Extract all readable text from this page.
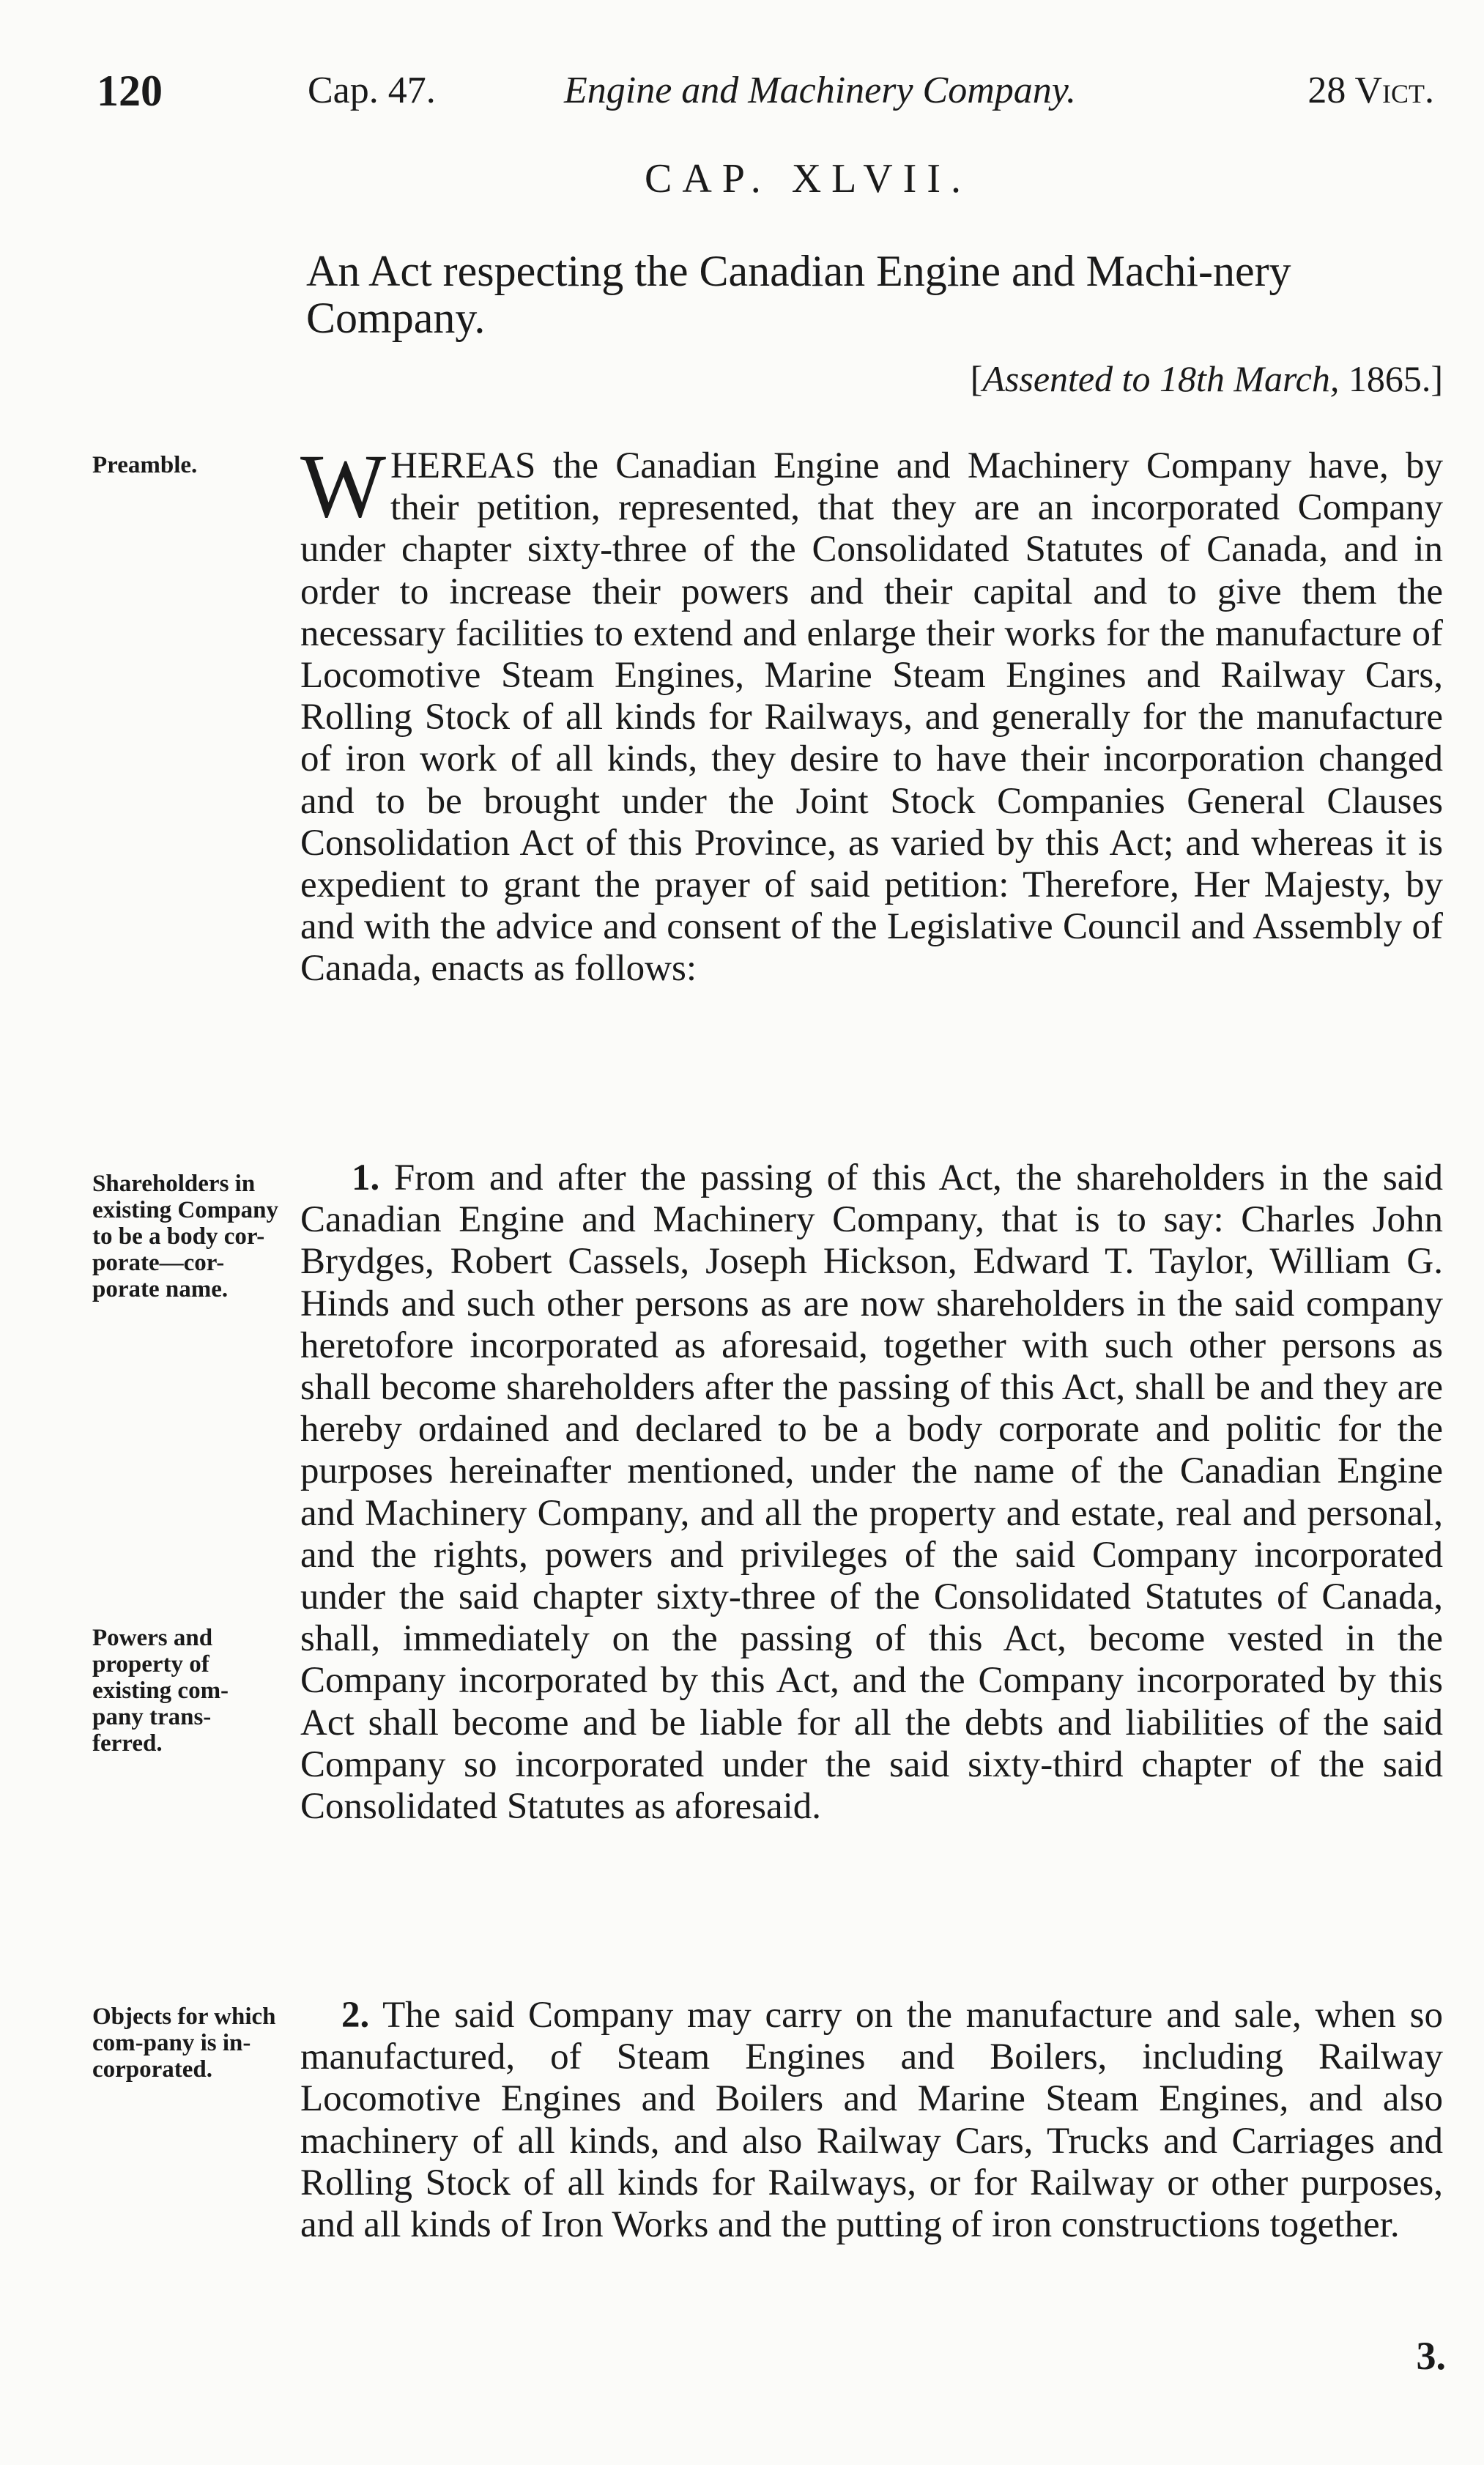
120	Cap. 47.	Engine and Machinery Company.	28 Vict.
CAP. XLVII.
An Act respecting the Canadian Engine and Machi-nery Company.
[Assented to 18th March, 1865.]
Preamble.
Shareholders in existing Company to be a body cor-porate—cor-porate name.
Powers and property of existing com-pany trans-ferred.
Objects for which com-pany is in-corporated.

WHEREAS the Canadian Engine and Machinery Company have, by their petition, represented, that they are an incorporated Company under chapter sixty-three of the Consolidated Statutes of Canada, and in order to increase their powers and their capital and to give them the necessary facilities to extend and enlarge their works for the manufacture of Locomotive Steam Engines, Marine Steam Engines and Railway Cars, Rolling Stock of all kinds for Railways, and generally for the manufacture of iron work of all kinds, they desire to have their incorporation changed and to be brought under the Joint Stock Companies General Clauses Consolidation Act of this Province, as varied by this Act; and whereas it is expedient to grant the prayer of said petition: Therefore, Her Majesty, by and with the advice and consent of the Legislative Council and Assembly of Canada, enacts as follows:

1. From and after the passing of this Act, the shareholders in the said Canadian Engine and Machinery Company, that is to say: Charles John Brydges, Robert Cassels, Joseph Hickson, Edward T. Taylor, William G. Hinds and such other persons as are now shareholders in the said company heretofore incorporated as aforesaid, together with such other persons as shall become shareholders after the passing of this Act, shall be and they are hereby ordained and declared to be a body corporate and politic for the purposes hereinafter mentioned, under the name of the Canadian Engine and Machinery Company, and all the property and estate, real and personal, and the rights, powers and privileges of the said Company incorporated under the said chapter sixty-three of the Consolidated Statutes of Canada, shall, immediately on the passing of this Act, become vested in the Company incorporated by this Act, and the Company incorporated by this Act shall become and be liable for all the debts and liabilities of the said Company so incorporated under the said sixty-third chapter of the said Consolidated Statutes as aforesaid.

2. The said Company may carry on the manufacture and sale, when so manufactured, of Steam Engines and Boilers, including Railway Locomotive Engines and Boilers and Marine Steam Engines, and also machinery of all kinds, and also Railway Cars, Trucks and Carriages and Rolling Stock of all kinds for Railways, or for Railway or other purposes, and all kinds of Iron Works and the putting of iron constructions together.

3.
